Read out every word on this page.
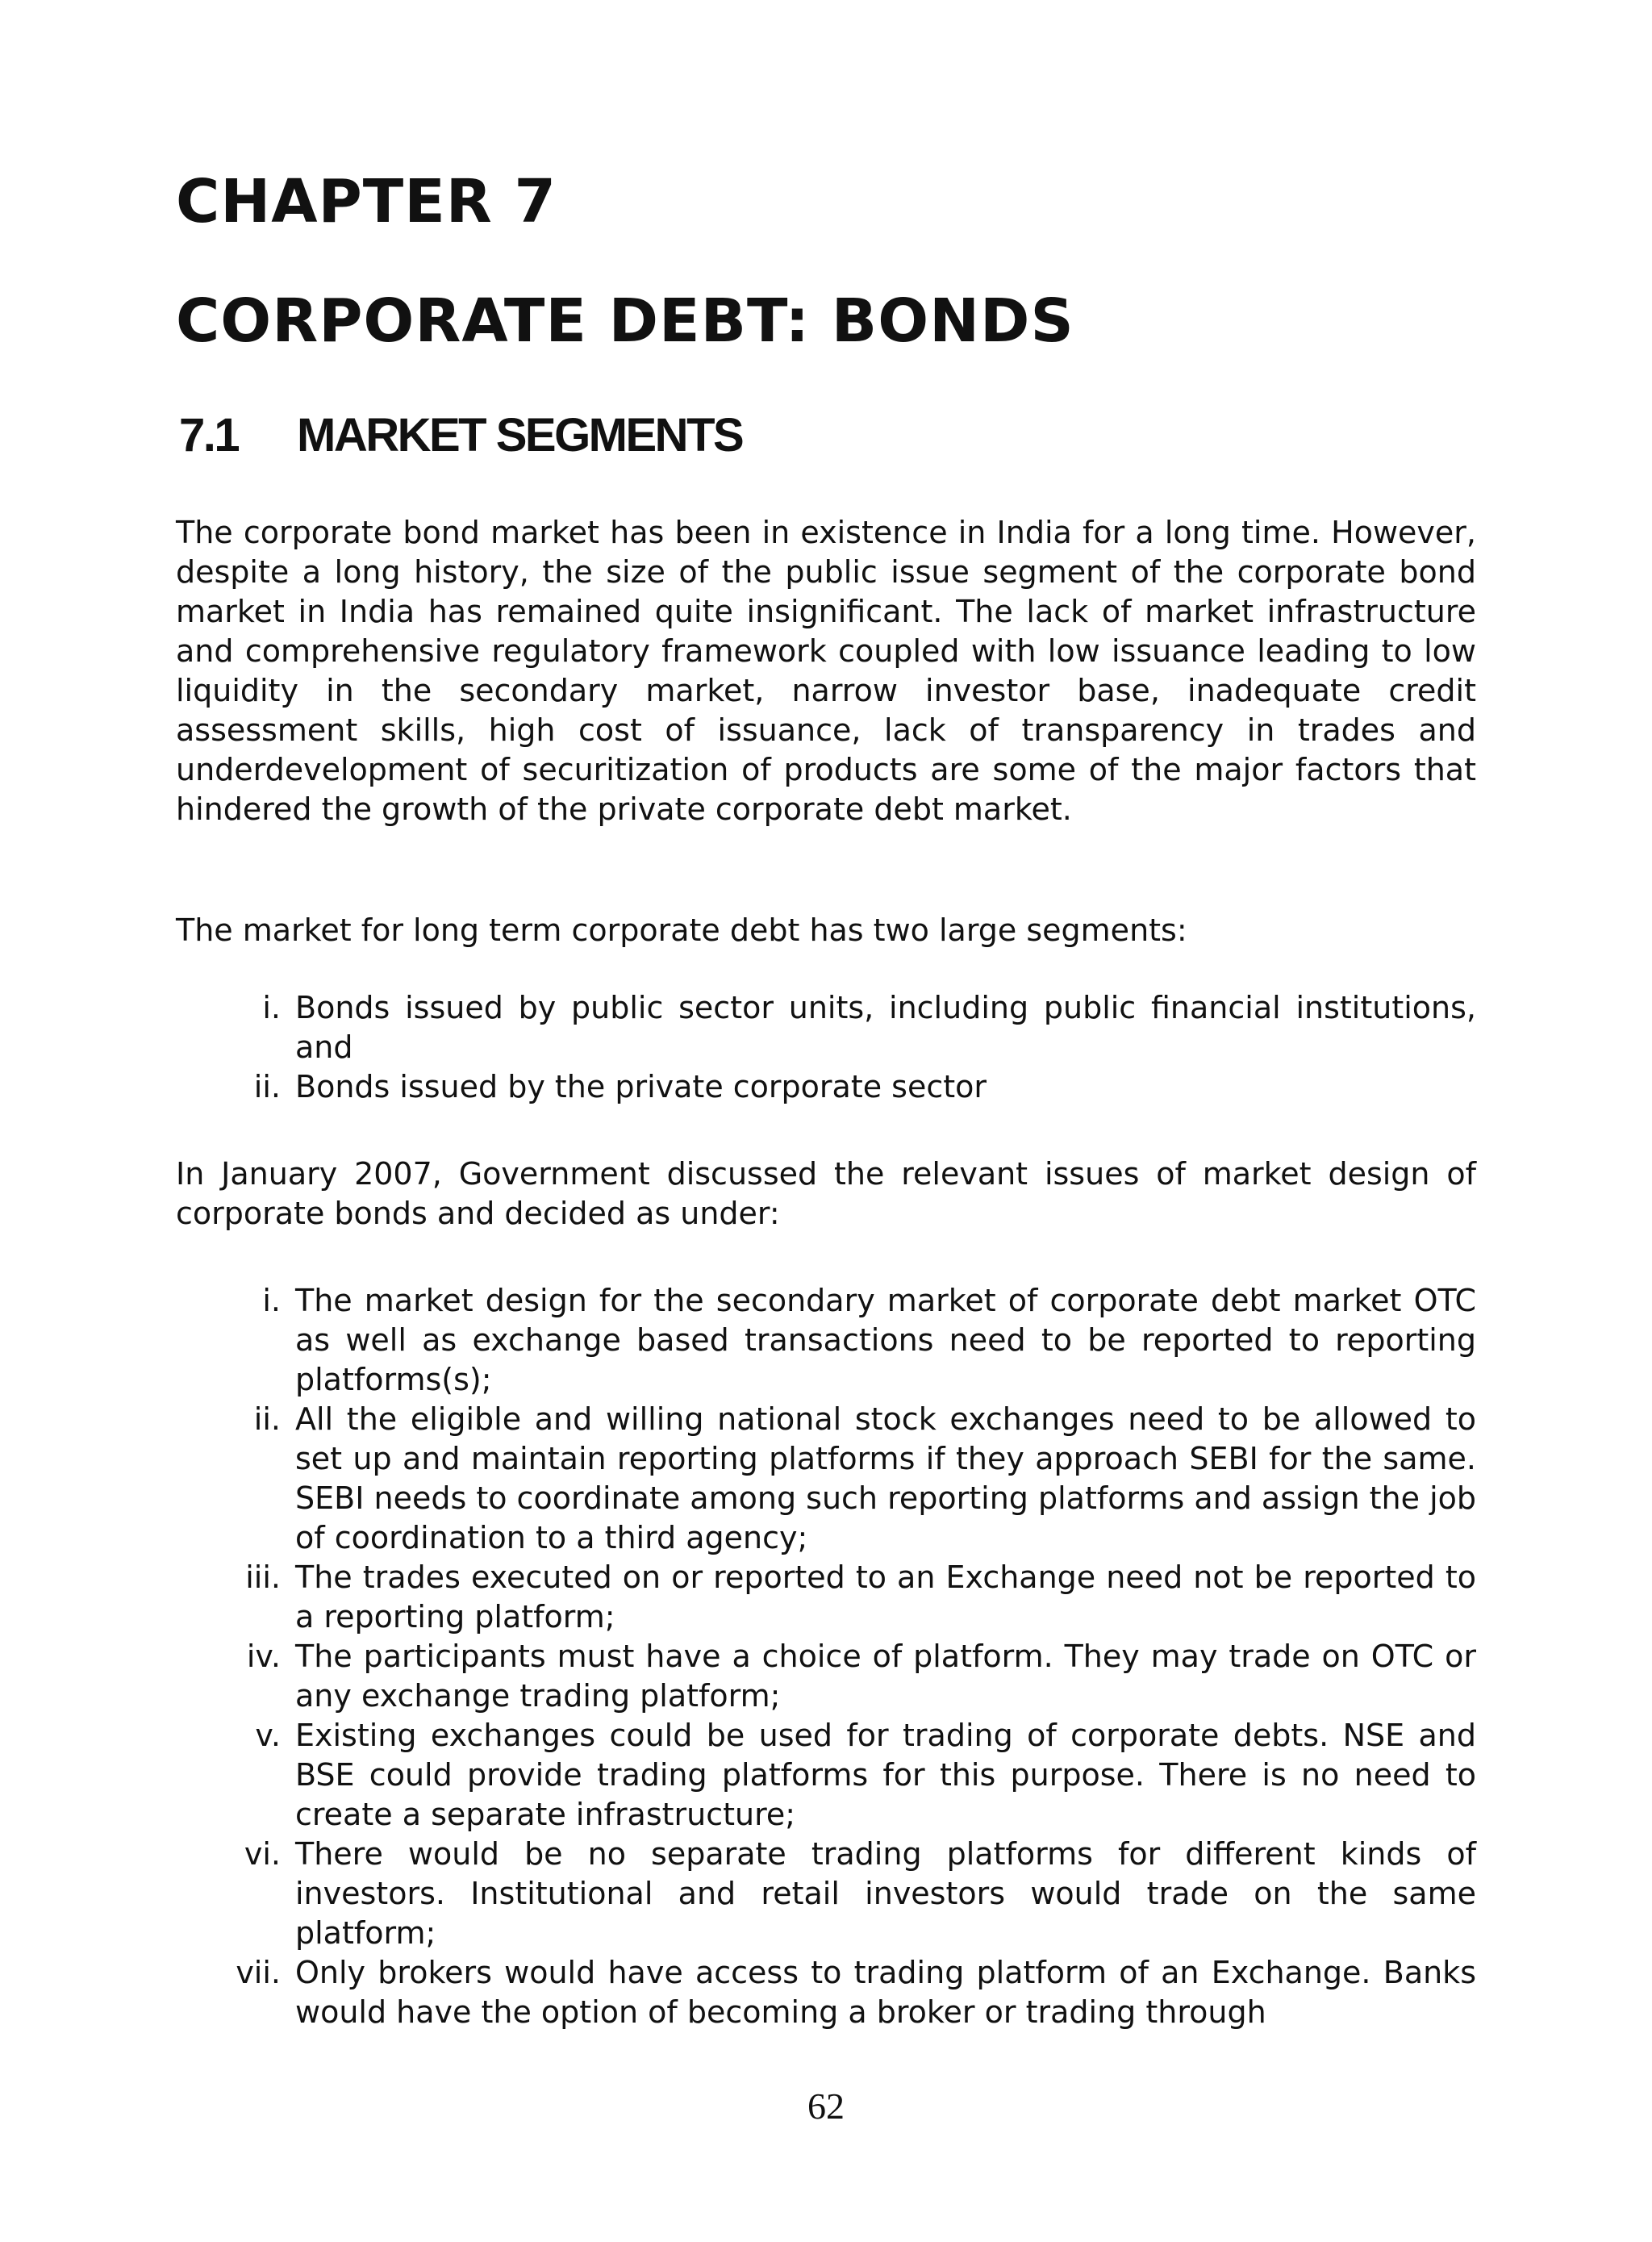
CHAPTER 7
CORPORATE DEBT: BONDS
7.1 MARKET SEGMENTS

The corporate bond market has been in existence in India for a long time. However, despite a long history, the size of the public issue segment of the corporate bond market in India has remained quite insignificant. The lack of market infrastructure and comprehensive regulatory framework coupled with low issuance leading to low liquidity in the secondary market, narrow investor base, inadequate credit assessment skills, high cost of issuance, lack of transparency in trades and underdevelopment of securitization of products are some of the major factors that hindered the growth of the private corporate debt market.

The market for long term corporate debt has two large segments:

i. Bonds issued by public sector units, including public financial institutions, and
ii. Bonds issued by the private corporate sector

In January 2007, Government discussed the relevant issues of market design of corporate bonds and decided as under:

i. The market design for the secondary market of corporate debt market OTC as well as exchange based transactions need to be reported to reporting platforms(s);
ii. All the eligible and willing national stock exchanges need to be allowed to set up and maintain reporting platforms if they approach SEBI for the same. SEBI needs to coordinate among such reporting platforms and assign the job of coordination to a third agency;
iii. The trades executed on or reported to an Exchange need not be reported to a reporting platform;
iv. The participants must have a choice of platform. They may trade on OTC or any exchange trading platform;
v. Existing exchanges could be used for trading of corporate debts. NSE and BSE could provide trading platforms for this purpose. There is no need to create a separate infrastructure;
vi. There would be no separate trading platforms for different kinds of investors. Institutional and retail investors would trade on the same platform;
vii. Only brokers would have access to trading platform of an Exchange. Banks would have the option of becoming a broker or trading through

62
